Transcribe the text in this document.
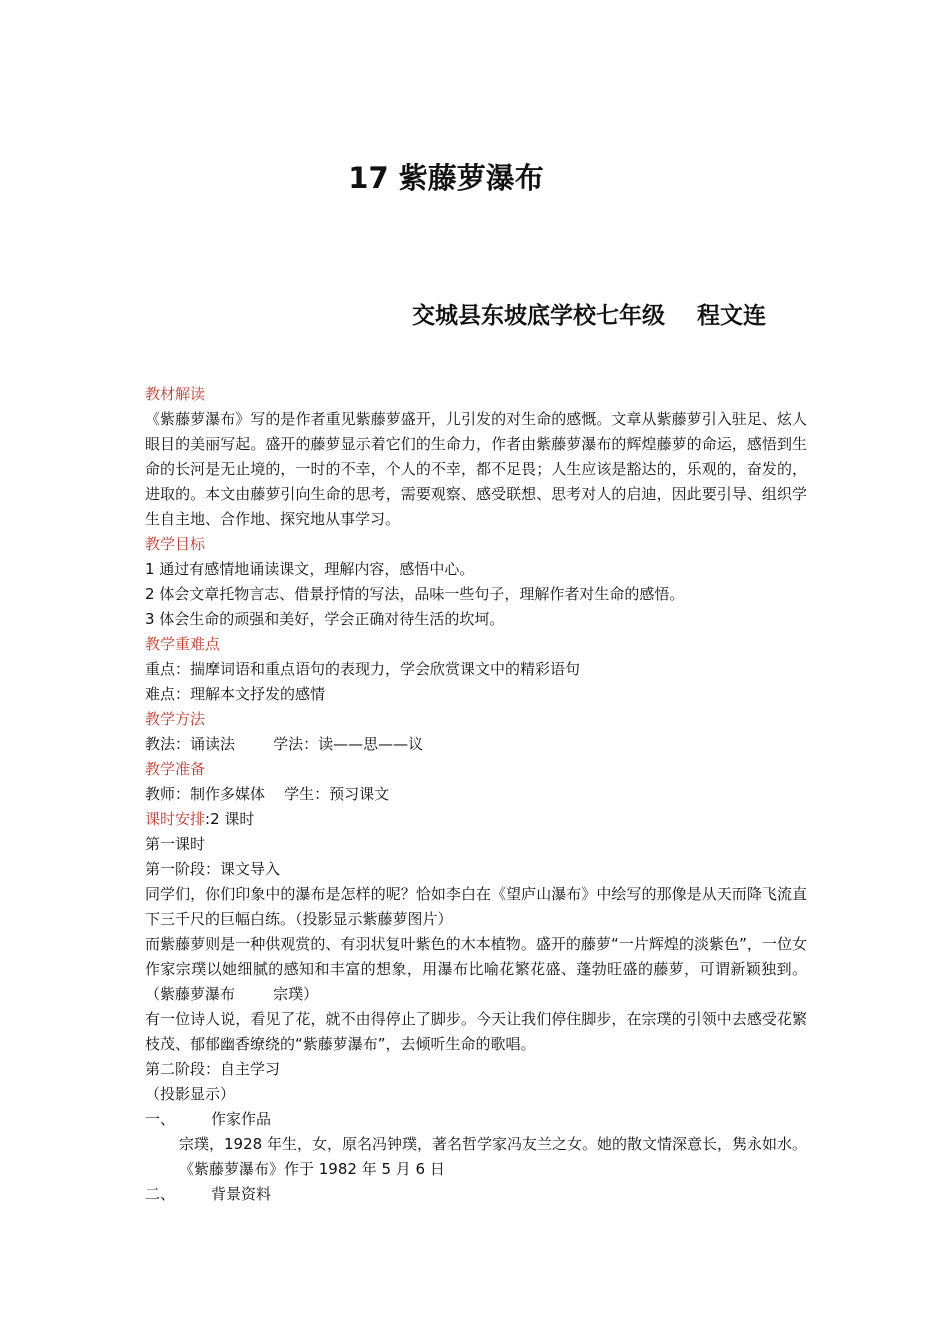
17 紫藤萝瀑布
交城县东坡底学校七年级    程文连

教材解读

《紫藤萝瀑布》写的是作者重见紫藤萝盛开，儿引发的对生命的感慨。文章从紫藤萝引入驻足、炫人眼目的美丽写起。盛开的藤萝显示着它们的生命力，作者由紫藤萝瀑布的辉煌藤萝的命运，感悟到生命的长河是无止境的，一时的不幸，个人的不幸，都不足畏；人生应该是豁达的，乐观的，奋发的，进取的。本文由藤萝引向生命的思考，需要观察、感受联想、思考对人的启迪，因此要引导、组织学生自主地、合作地、探究地从事学习。

教学目标

1 通过有感情地诵读课文，理解内容，感悟中心。

2 体会文章托物言志、借景抒情的写法，品味一些句子，理解作者对生命的感悟。

3 体会生命的顽强和美好，学会正确对待生活的坎坷。

教学重难点

重点：揣摩词语和重点语句的表现力，学会欣赏课文中的精彩语句

难点：理解本文抒发的感情

教学方法

教法：诵读法        学法：读——思——议

教学准备

教师：制作多媒体    学生：预习课文

课时安排:2 课时

第一课时

第一阶段：课文导入

同学们，你们印象中的瀑布是怎样的呢？恰如李白在《望庐山瀑布》中绘写的那像是从天而降飞流直下三千尺的巨幅白练。（投影显示紫藤萝图片）

而紫藤萝则是一种供观赏的、有羽状复叶紫色的木本植物。盛开的藤萝“一片辉煌的淡紫色”，一位女作家宗璞以她细腻的感知和丰富的想象，用瀑布比喻花繁花盛、蓬勃旺盛的藤萝，可谓新颖独到。（紫藤萝瀑布        宗璞）

有一位诗人说，看见了花，就不由得停止了脚步。今天让我们停住脚步，在宗璞的引领中去感受花繁枝茂、郁郁幽香缭绕的“紫藤萝瀑布”，去倾听生命的歌唱。

第二阶段：自主学习

（投影显示）

一、 作家作品

宗璞，1928 年生，女，原名冯钟璞，著名哲学家冯友兰之女。她的散文情深意长，隽永如水。《紫藤萝瀑布》作于 1982 年 5 月 6 日

二、 背景资料
